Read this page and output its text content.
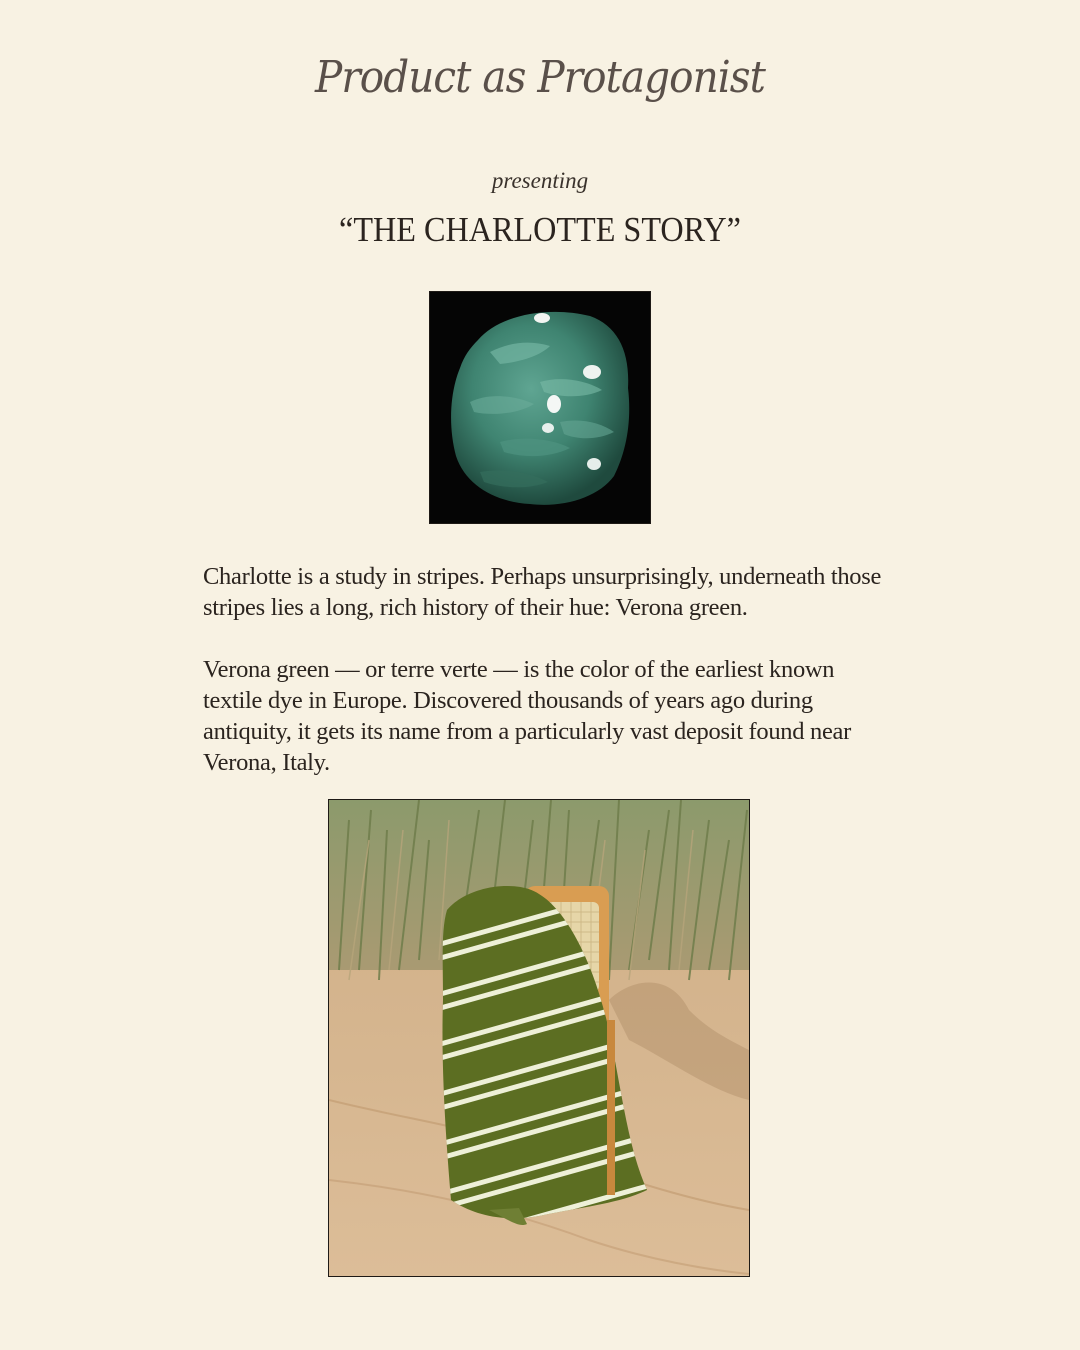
Product as Protagonist

presenting

“THE CHARLOTTE STORY”

Charlotte is a study in stripes. Perhaps unsurprisingly, underneath those stripes lies a long, rich history of their hue: Verona green.

Verona green — or terre verte — is the color of the earliest known textile dye in Europe. Discovered thousands of years ago during antiquity, it gets its name from a particularly vast deposit found near Verona, Italy.
